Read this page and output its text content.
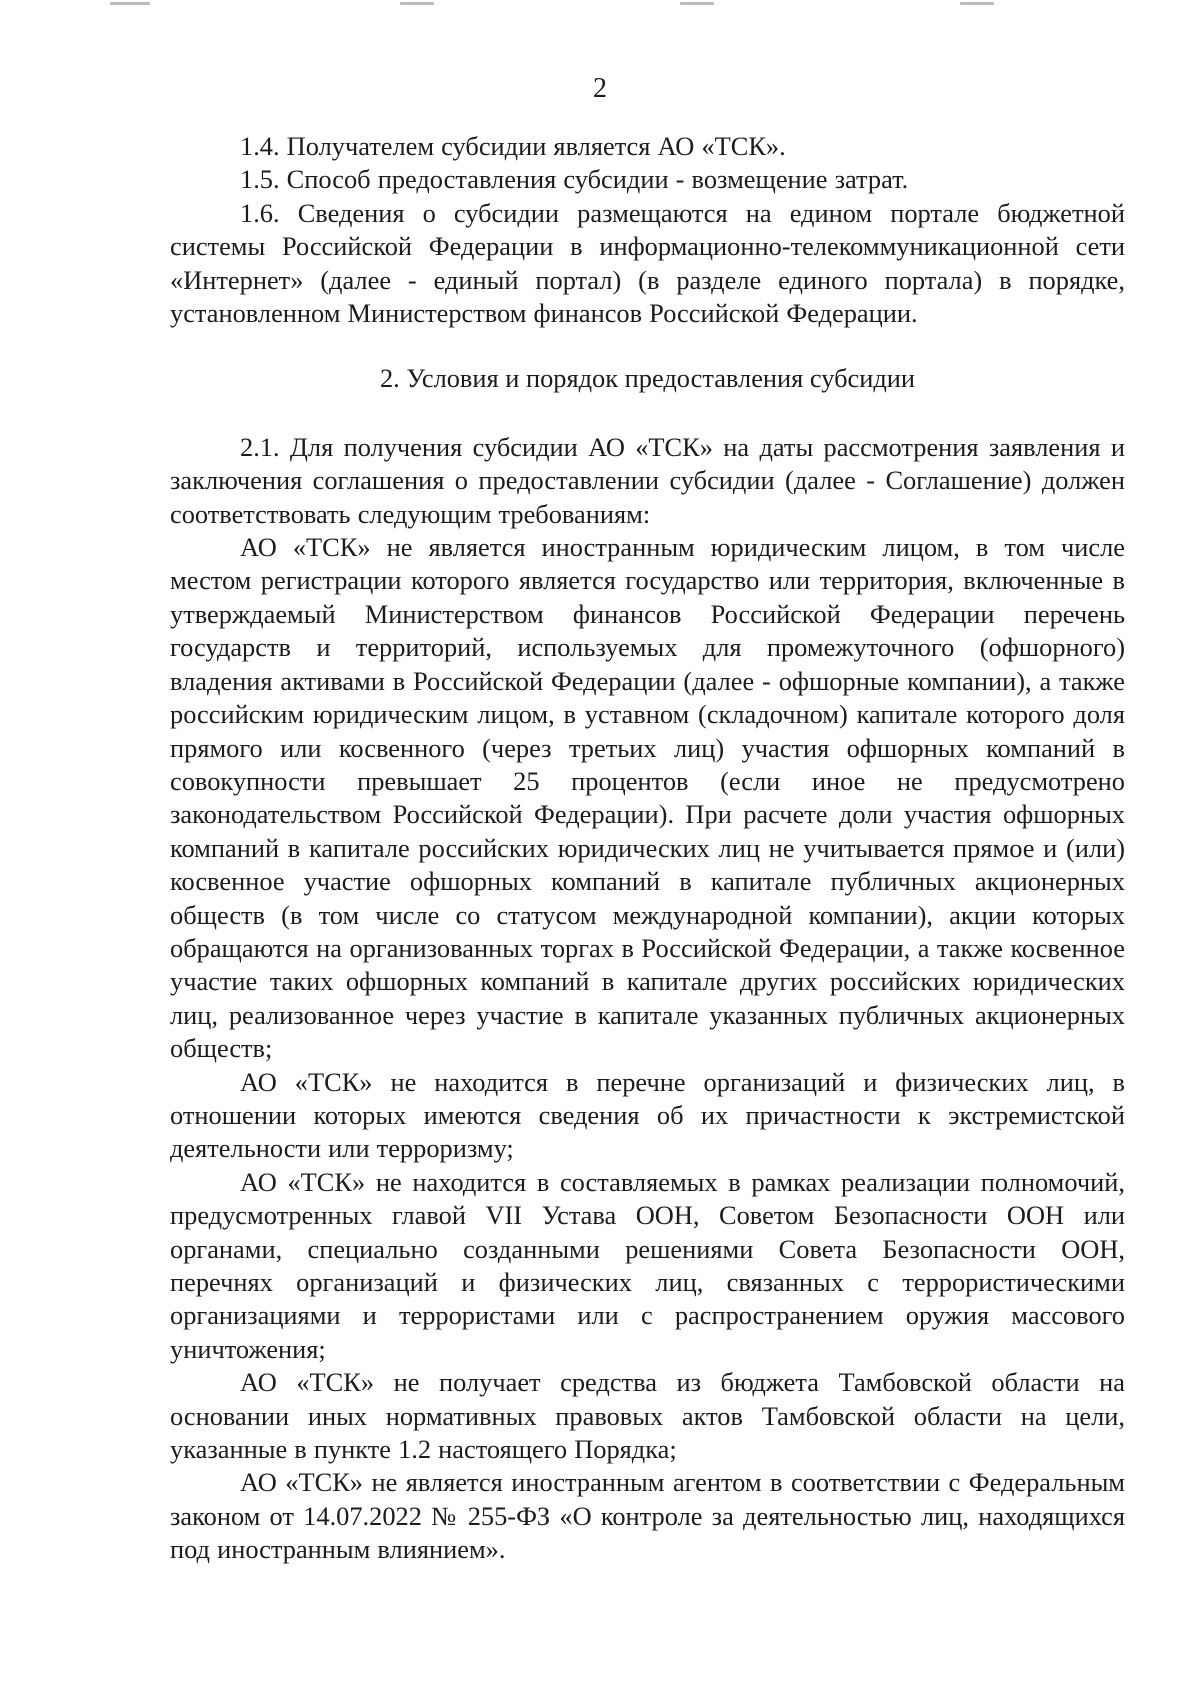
2

1.4. Получателем субсидии является АО «ТСК».

1.5. Способ предоставления субсидии - возмещение затрат.

1.6. Сведения о субсидии размещаются на едином портале бюджетной системы Российской Федерации в информационно-телекоммуникационной сети «Интернет» (далее - единый портал) (в разделе единого портала) в порядке, установленном Министерством финансов Российской Федерации.

2. Условия и порядок предоставления субсидии

2.1. Для получения субсидии АО «ТСК» на даты рассмотрения заявления и заключения соглашения о предоставлении субсидии (далее - Соглашение) должен соответствовать следующим требованиям:

АО «ТСК» не является иностранным юридическим лицом, в том числе местом регистрации которого является государство или территория, включенные в утверждаемый Министерством финансов Российской Федерации перечень государств и территорий, используемых для промежуточного (офшорного) владения активами в Российской Федерации (далее - офшорные компании), а также российским юридическим лицом, в уставном (складочном) капитале которого доля прямого или косвенного (через третьих лиц) участия офшорных компаний в совокупности превышает 25 процентов (если иное не предусмотрено законодательством Российской Федерации). При расчете доли участия офшорных компаний в капитале российских юридических лиц не учитывается прямое и (или) косвенное участие офшорных компаний в капитале публичных акционерных обществ (в том числе со статусом международной компании), акции которых обращаются на организованных торгах в Российской Федерации, а также косвенное участие таких офшорных компаний в капитале других российских юридических лиц, реализованное через участие в капитале указанных публичных акционерных обществ;

АО «ТСК» не находится в перечне организаций и физических лиц, в отношении которых имеются сведения об их причастности к экстремистской деятельности или терроризму;

АО «ТСК» не находится в составляемых в рамках реализации полномочий, предусмотренных главой VII Устава ООН, Советом Безопасности ООН или органами, специально созданными решениями Совета Безопасности ООН, перечнях организаций и физических лиц, связанных с террористическими организациями и террористами или с распространением оружия массового уничтожения;

АО «ТСК» не получает средства из бюджета Тамбовской области на основании иных нормативных правовых актов Тамбовской области на цели, указанные в пункте 1.2 настоящего Порядка;

АО «ТСК» не является иностранным агентом в соответствии с Федеральным законом от 14.07.2022 № 255-ФЗ «О контроле за деятельностью лиц, находящихся под иностранным влиянием».
